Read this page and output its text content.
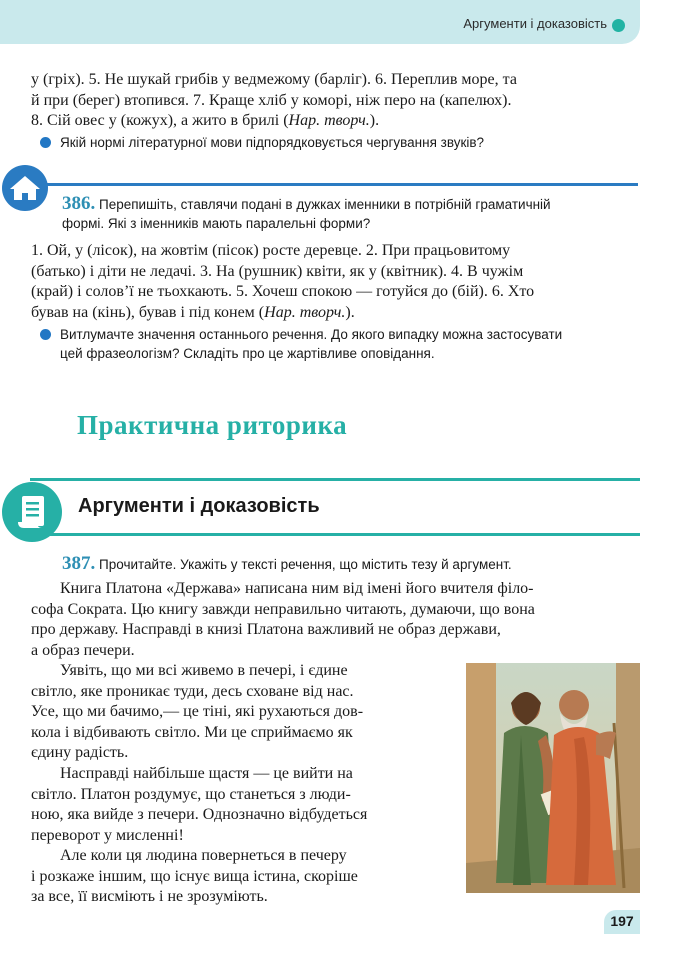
Аргументи і доказовість
у (гріх). 5. Не шукай грибів у ведмежому (барліг). 6. Переплив море, та
й при (берег) втопився. 7. Краще хліб у коморі, ніж перо на (капелюх).
8. Сій овес у (кожух), а жито в брилі (Нар. творч.).
Якій нормі літературної мови підпорядковується чергування звуків?
386. Перепишіть, ставлячи подані в дужках іменники в потрібній граматичній
формі. Які з іменників мають паралельні форми?
1. Ой, у (лісок), на жовтім (пісок) росте деревце. 2. При працьовитому
(батько) і діти не ледачі. 3. На (рушник) квіти, як у (квітник). 4. В чужім
(край) і солов’ї не тьохкають. 5. Хочеш спокою — готуйся до (бій). 6. Хто
бував на (кінь), бував і під конем (Нар. творч.).
Витлумачте значення останнього речення. До якого випадку можна застосувати
цей фразеологізм? Складіть про це жартівливе оповідання.
Практична риторика
Аргументи і доказовість
387. Прочитайте. Укажіть у тексті речення, що містить тезу й аргумент.
Книга Платона «Держава» написана ним від імені його вчителя філо-
софа Сократа. Цю книгу завжди неправильно читають, думаючи, що вона
про державу. Насправді в книзі Платона важливий не образ держави,
а образ печери.
Уявіть, що ми всі живемо в печері, і єдине
світло, яке проникає туди, десь сховане від нас.
Усе, що ми бачимо,— це тіні, які рухаються дов-
кола і відбивають світло. Ми це сприймаємо як
єдину радість.
Насправді найбільше щастя — це вийти на
світло. Платон роздумує, що станеться з люди-
ною, яка вийде з печери. Однозначно відбудеться
переворот у мисленні!
Але коли ця людина повернеться в печеру
і розкаже іншим, що існує вища істина, скоріше
за все, її висміють і не зрозуміють.
197
